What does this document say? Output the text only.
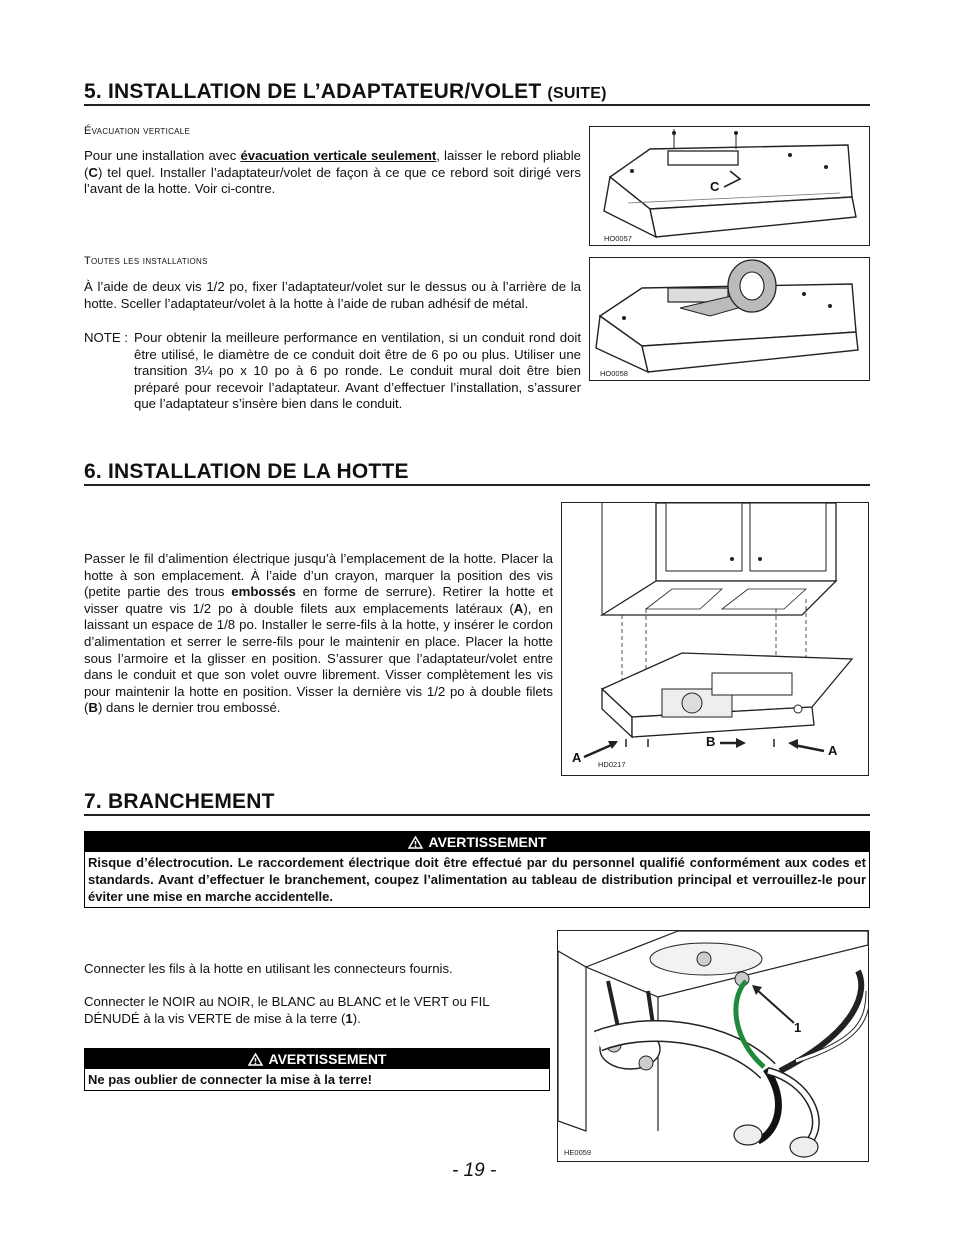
5. INSTALLATION DE L’ADAPTATEUR/VOLET (SUITE)
Évacuation verticale
Pour une installation avec évacuation verticale seulement, laisser le rebord pliable (C) tel quel. Installer l’adaptateur/volet de façon à ce que ce rebord soit dirigé vers l’avant de la hotte. Voir ci-contre.
Toutes les installations
À l’aide de deux vis 1/2 po, fixer l’adaptateur/volet sur le dessus ou à l’arrière de la hotte. Sceller l’adaptateur/volet à la hotte à l’aide de ruban adhésif de métal.
NOTE : Pour obtenir la meilleure performance en ventilation, si un conduit rond doit être utilisé, le diamètre de ce conduit doit être de 6 po ou plus. Utiliser une transition 3¼ po x 10 po à 6 po ronde. Le conduit mural doit être bien préparé pour recevoir l’adaptateur. Avant d’effectuer l’installation, s’assurer que l’adaptateur s’insère bien dans le conduit.
C
HO0057
HO0058
6. INSTALLATION DE LA HOTTE
Passer le fil d’alimention électrique jusqu’à l’emplacement de la hotte. Placer la hotte à son emplacement. À l’aide d’un crayon, marquer la position des vis (petite partie des trous embossés en forme de serrure). Retirer la hotte et visser quatre vis 1/2 po à double filets aux emplacements latéraux (A), en laissant un espace de 1/8 po. Installer le serre-fils à la hotte, y insérer le cordon d’alimentation et serrer le serre-fils pour le maintenir en place. Placer la hotte sous l’armoire et la glisser en position. S’assurer que l’adaptateur/volet entre dans le conduit et que son volet ouvre librement. Visser complètement les vis pour maintenir la hotte en position. Visser la dernière vis 1/2 po à double filets (B) dans le dernier trou embossé.
A
B
A
HD0217
7. BRANCHEMENT
AVERTISSEMENT
Risque d’électrocution. Le raccordement électrique doit être effectué par du personnel qualifié conformément aux codes et standards. Avant d’effectuer le branchement, coupez l’alimentation au tableau de distribution principal et verrouillez-le pour éviter une mise en marche accidentelle.
Connecter les fils à la hotte en utilisant les connecteurs fournis.
Connecter le NOIR au NOIR, le BLANC au BLANC et le VERT ou FIL DÉNUDÉ à la vis VERTE de mise à la terre (1).
AVERTISSEMENT
Ne pas oublier de connecter la mise à la terre!
1
HE0059
- 19 -
